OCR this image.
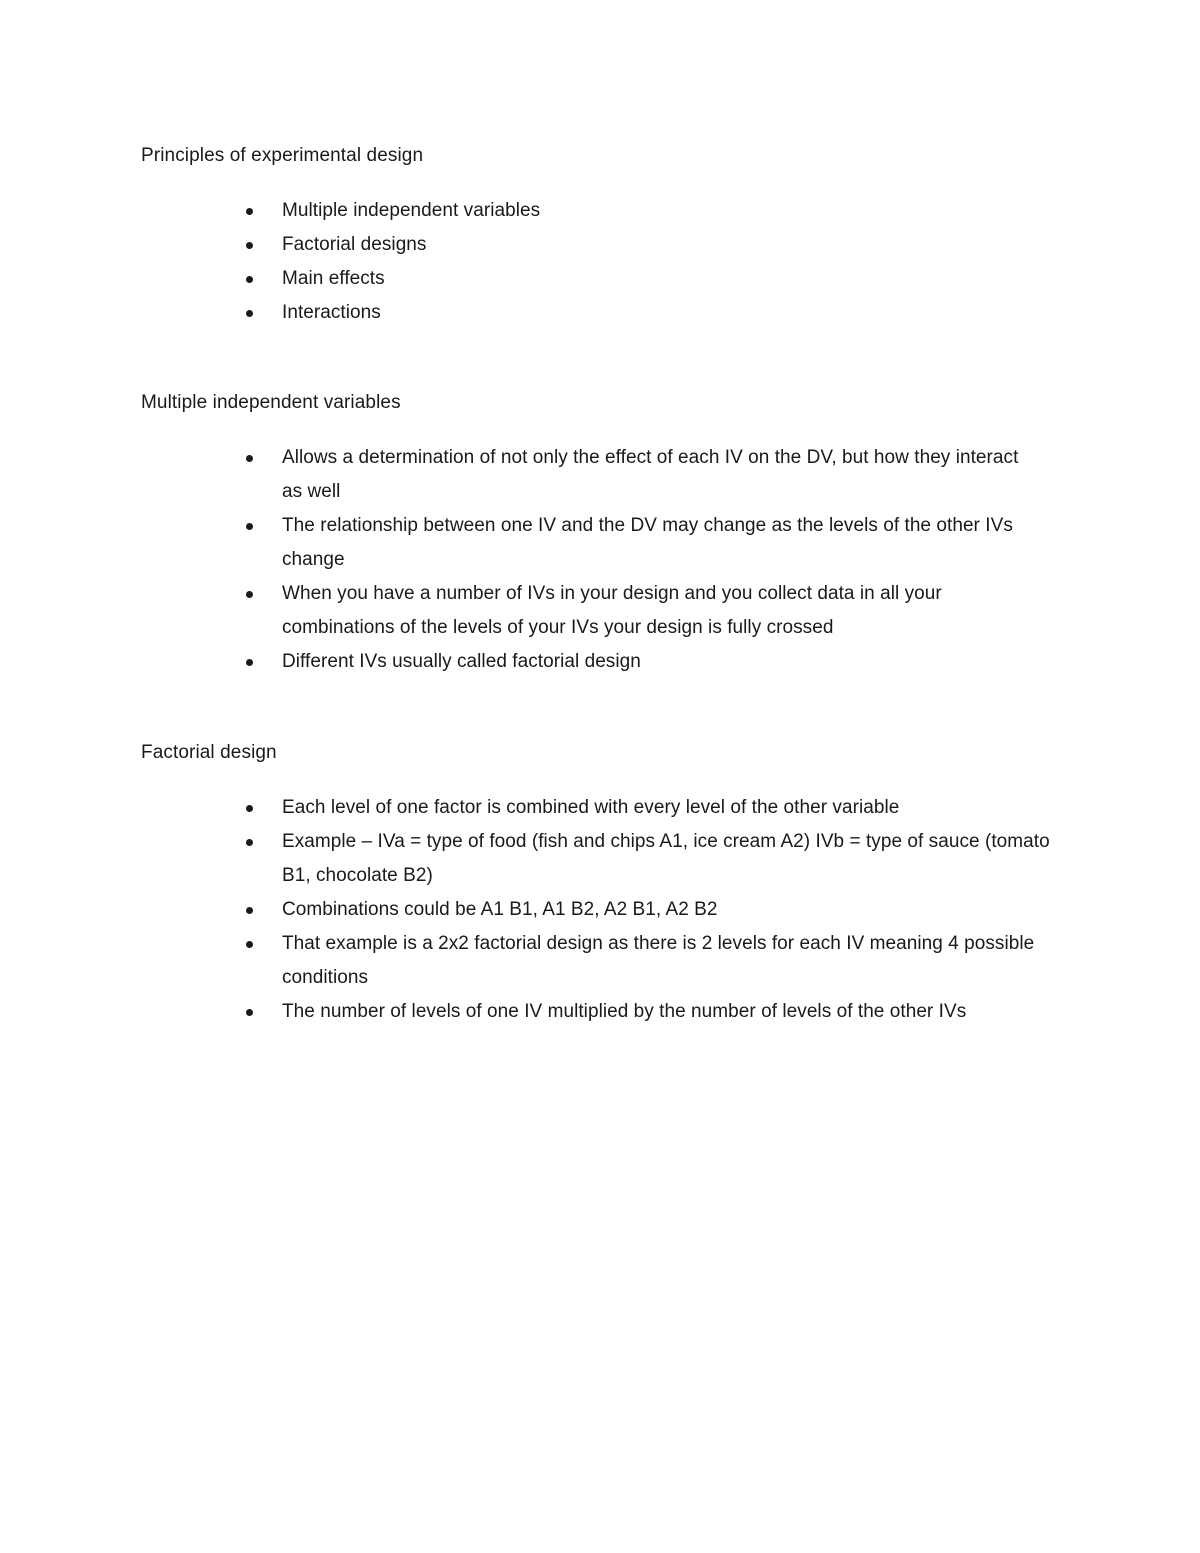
Principles of experimental design

Multiple independent variables
Factorial designs
Main effects
Interactions

Multiple independent variables

Allows a determination of not only the effect of each IV on the DV, but how they interact as well
The relationship between one IV and the DV may change as the levels of the other IVs change
When you have a number of IVs in your design and you collect data in all your combinations of the levels of your IVs your design is fully crossed
Different IVs usually called factorial design

Factorial design

Each level of one factor is combined with every level of the other variable
Example – IVa = type of food (fish and chips A1, ice cream A2) IVb = type of sauce (tomato B1, chocolate B2)
Combinations could be A1 B1, A1 B2, A2 B1, A2 B2
That example is a 2x2 factorial design as there is 2 levels for each IV meaning 4 possible conditions
The number of levels of one IV multiplied by the number of levels of the other IVs
